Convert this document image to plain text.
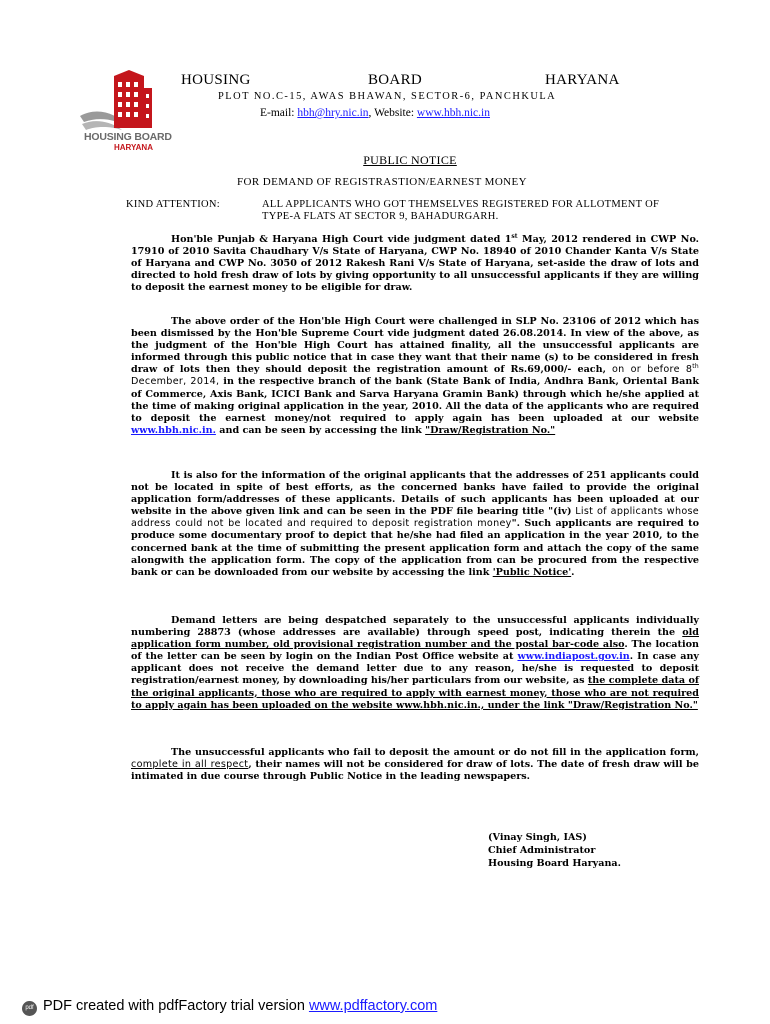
HOUSING BOARD
HARYANA
HOUSING	BOARD	HARYANA
PLOT NO.C-15, AWAS BHAWAN, SECTOR-6, PANCHKULA
E-mail: hbh@hry.nic.in, Website: www.hbh.nic.in
PUBLIC NOTICE
FOR DEMAND OF REGISTRASTION/EARNEST MONEY
KIND ATTENTION:	ALL APPLICANTS WHO GOT THEMSELVES REGISTERED FOR ALLOTMENT OF TYPE-A FLATS AT SECTOR 9, BAHADURGARH.
Hon'ble Punjab & Haryana High Court vide judgment dated 1st May, 2012 rendered in CWP No. 17910 of 2010 Savita Chaudhary V/s State of Haryana, CWP No. 18940 of 2010 Chander Kanta V/s State of Haryana and CWP No. 3050 of 2012 Rakesh Rani V/s State of Haryana, set-aside the draw of lots and directed to hold fresh draw of lots by giving opportunity to all unsuccessful applicants if they are willing to deposit the earnest money to be eligible for draw.
The above order of the Hon'ble High Court were challenged in SLP No. 23106 of 2012 which has been dismissed by the Hon'ble Supreme Court vide judgment dated 26.08.2014. In view of the above, as the judgment of the Hon'ble High Court has attained finality, all the unsuccessful applicants are informed through this public notice that in case they want that their name (s) to be considered in fresh draw of lots then they should deposit the registration amount of Rs.69,000/- each, on or before 8th December, 2014, in the respective branch of the bank (State Bank of India, Andhra Bank, Oriental Bank of Commerce, Axis Bank, ICICI Bank and Sarva Haryana Gramin Bank) through which he/she applied at the time of making original application in the year, 2010. All the data of the applicants who are required to deposit the earnest money/not required to apply again has been uploaded at our website www.hbh.nic.in. and can be seen by accessing the link "Draw/Registration No."
It is also for the information of the original applicants that the addresses of 251 applicants could not be located in spite of best efforts, as the concerned banks have failed to provide the original application form/addresses of these applicants. Details of such applicants has been uploaded at our website in the above given link and can be seen in the PDF file bearing title "(iv) List of applicants whose address could not be located and required to deposit registration money". Such applicants are required to produce some documentary proof to depict that he/she had filed an application in the year 2010, to the concerned bank at the time of submitting the present application form and attach the copy of the same alongwith the application form. The copy of the application from can be procured from the respective bank or can be downloaded from our website by accessing the link 'Public Notice'.
Demand letters are being despatched separately to the unsuccessful applicants individually numbering 28873 (whose addresses are available) through speed post, indicating therein the old application form number, old provisional registration number and the postal bar-code also. The location of the letter can be seen by login on the Indian Post Office website at www.indiapost.gov.in. In case any applicant does not receive the demand letter due to any reason, he/she is requested to deposit registration/earnest money, by downloading his/her particulars from our website, as the complete data of the original applicants, those who are required to apply with earnest money, those who are not required to apply again has been uploaded on the website www.hbh.nic.in., under the link "Draw/Registration No."
The unsuccessful applicants who fail to deposit the amount or do not fill in the application form, complete in all respect, their names will not be considered for draw of lots. The date of fresh draw will be intimated in due course through Public Notice in the leading newspapers.
(Vinay Singh, IAS)
Chief Administrator
Housing Board Haryana.
pdf PDF created with pdfFactory trial version www.pdffactory.com
